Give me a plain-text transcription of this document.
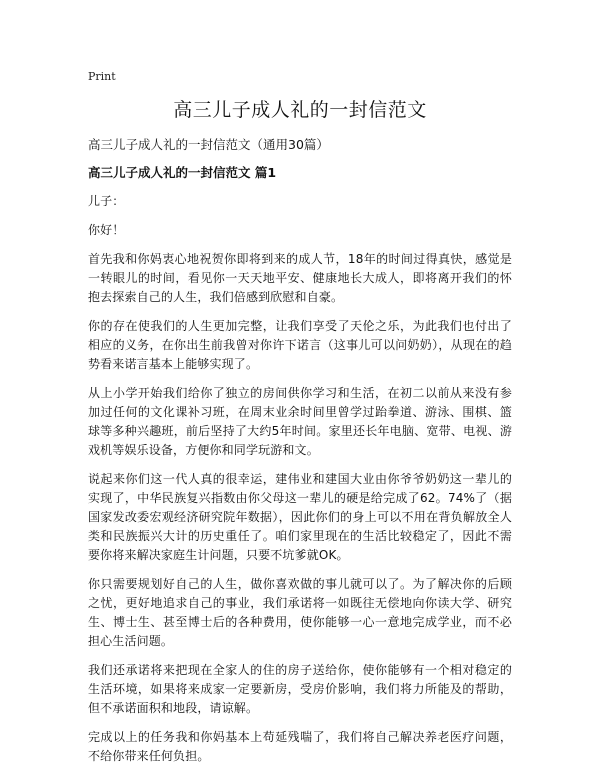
Print
高三儿子成人礼的一封信范文

高三儿子成人礼的一封信范文（通用30篇）

高三儿子成人礼的一封信范文 篇1

儿子：

你好！

首先我和你妈衷心地祝贺你即将到来的成人节，18年的时间过得真快，感觉是一转眼儿的时间，看见你一天天地平安、健康地长大成人，即将离开我们的怀抱去探索自己的人生，我们倍感到欣慰和自豪。

你的存在使我们的人生更加完整，让我们享受了天伦之乐，为此我们也付出了相应的义务，在你出生前我曾对你许下诺言（这事儿可以问奶奶），从现在的趋势看来诺言基本上能够实现了。

从上小学开始我们给你了独立的房间供你学习和生活，在初二以前从来没有参加过任何的文化课补习班，在周末业余时间里曾学过跆拳道、游泳、围棋、篮球等多种兴趣班，前后坚持了大约5年时间。家里还长年电脑、宽带、电视、游戏机等娱乐设备，方便你和同学玩游和文。

说起来你们这一代人真的很幸运，建伟业和建国大业由你爷爷奶奶这一辈儿的实现了，中华民族复兴指数由你父母这一辈儿的硬是给完成了62。74%了（据国家发改委宏观经济研究院年数据），因此你们的身上可以不用在背负解放全人类和民族振兴大计的历史重任了。咱们家里现在的生活比较稳定了，因此不需要你将来解决家庭生计问题，只要不坑爹就OK。

你只需要规划好自己的人生，做你喜欢做的事儿就可以了。为了解决你的后顾之忧，更好地追求自己的事业，我们承诺将一如既往无偿地向你读大学、研究生、博士生、甚至博士后的各种费用，使你能够一心一意地完成学业，而不必担心生活问题。

我们还承诺将来把现在全家人的住的房子送给你，使你能够有一个相对稳定的生活环境，如果将来成家一定要新房，受房价影响，我们将力所能及的帮助，但不承诺面积和地段，请谅解。

完成以上的任务我和你妈基本上苟延残喘了，我们将自己解决养老医疗问题，不给你带来任何负担。
